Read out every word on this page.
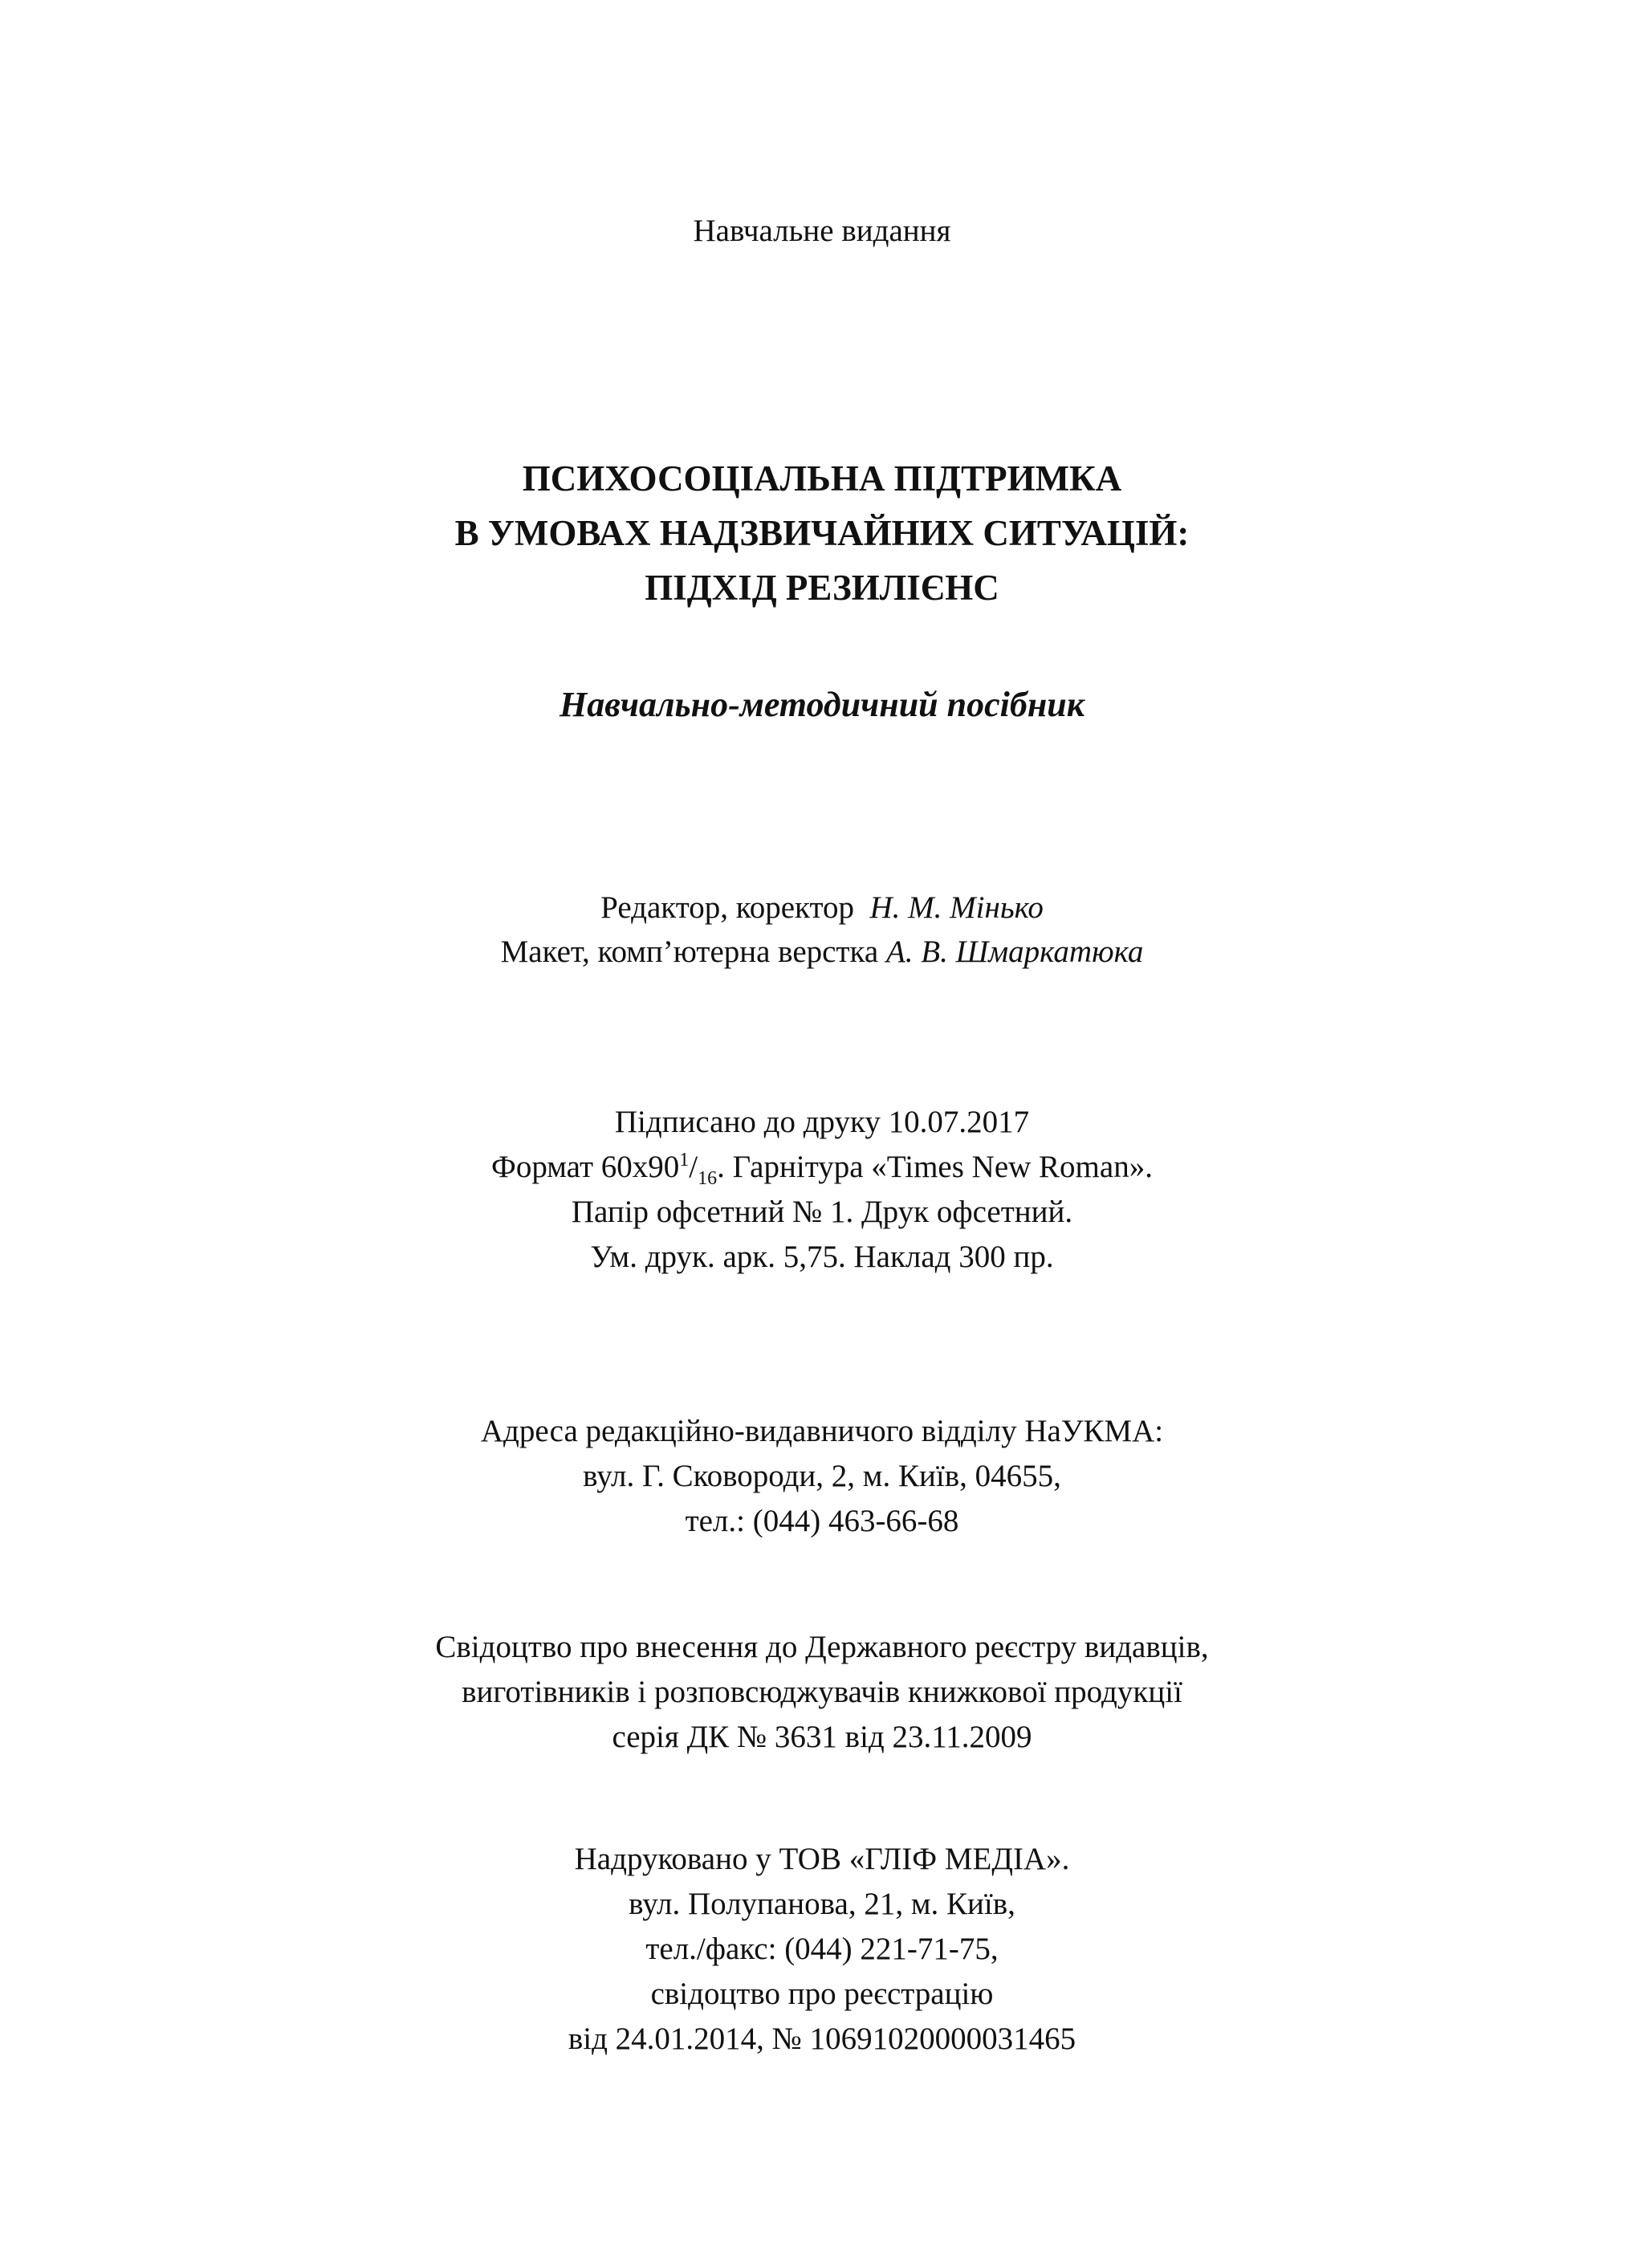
Навчальне видання
ПСИХОСОЦІАЛЬНА ПІДТРИМКА
В УМОВАХ НАДЗВИЧАЙНИХ СИТУАЦІЙ:
ПІДХІД РЕЗИЛІЄНС
Навчально-методичний посібник
Редактор, коректор Н. М. Мінько
Макет, комп’ютерна верстка А. В. Шмаркатюка
Підписано до друку 10.07.2017
Формат $60х90^1/_{16}$. Гарнітура «Times New Roman».
Папір офсетний № 1. Друк офсетний.
Ум. друк. арк. 5,75. Наклад 300 пр.
Адреса редакційно-видавничого відділу НаУКМА:
вул. Г. Сковороди, 2, м. Київ, 04655,
тел.: (044) 463-66-68
Свідоцтво про внесення до Державного реєстру видавців,
виготівників і розповсюджувачів книжкової продукції
серія ДК № 3631 від 23.11.2009
Надруковано у ТОВ «ГЛІФ МЕДІА».
вул. Полупанова, 21, м. Київ,
тел./факс: (044) 221-71-75,
свідоцтво про реєстрацію
від 24.01.2014, № 10691020000031465
